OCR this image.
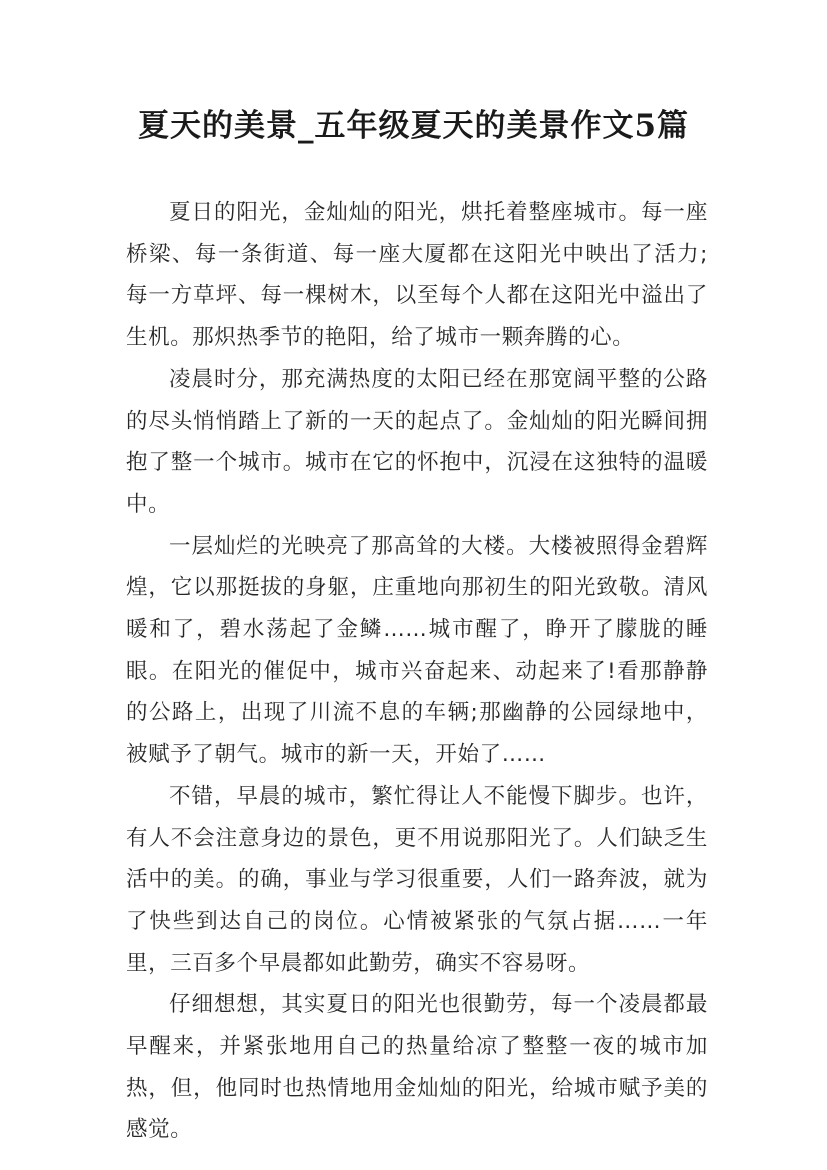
夏天的美景_五年级夏天的美景作文5篇

夏日的阳光，金灿灿的阳光，烘托着整座城市。每一座桥梁、每一条街道、每一座大厦都在这阳光中映出了活力;每一方草坪、每一棵树木，以至每个人都在这阳光中溢出了生机。那炽热季节的艳阳，给了城市一颗奔腾的心。

凌晨时分，那充满热度的太阳已经在那宽阔平整的公路的尽头悄悄踏上了新的一天的起点了。金灿灿的阳光瞬间拥抱了整一个城市。城市在它的怀抱中，沉浸在这独特的温暖中。

一层灿烂的光映亮了那高耸的大楼。大楼被照得金碧辉煌，它以那挺拔的身躯，庄重地向那初生的阳光致敬。清风暖和了，碧水荡起了金鳞……城市醒了，睁开了朦胧的睡眼。在阳光的催促中，城市兴奋起来、动起来了!看那静静的公路上，出现了川流不息的车辆;那幽静的公园绿地中，被赋予了朝气。城市的新一天，开始了……

不错，早晨的城市，繁忙得让人不能慢下脚步。也许，有人不会注意身边的景色，更不用说那阳光了。人们缺乏生活中的美。的确，事业与学习很重要，人们一路奔波，就为了快些到达自己的岗位。心情被紧张的气氛占据……一年里，三百多个早晨都如此勤劳，确实不容易呀。

仔细想想，其实夏日的阳光也很勤劳，每一个凌晨都最早醒来，并紧张地用自己的热量给凉了整整一夜的城市加热，但，他同时也热情地用金灿灿的阳光，给城市赋予美的感觉。
